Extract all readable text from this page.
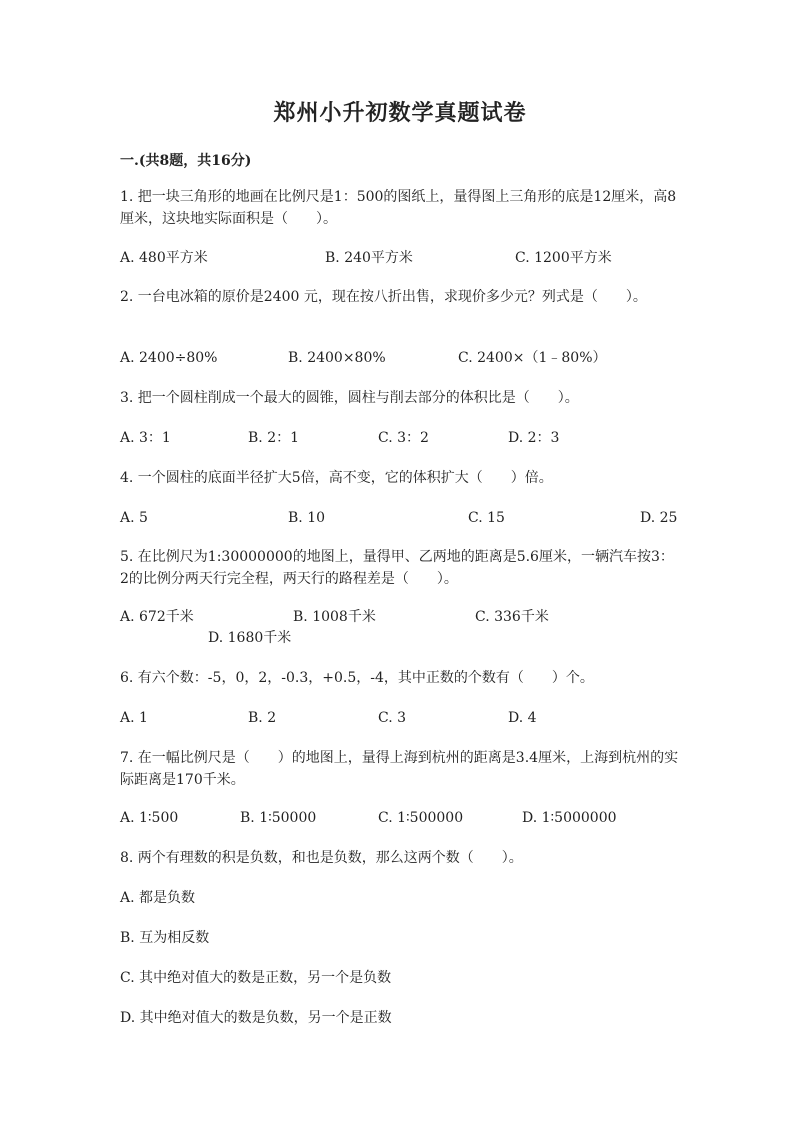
郑州小升初数学真题试卷
一.(共8题，共16分)
1. 把一块三角形的地画在比例尺是1：500的图纸上，量得图上三角形的底是12厘米，高8厘米，这块地实际面积是（　　）。
A. 480平方米	B. 240平方米	C. 1200平方米
2. 一台电冰箱的原价是2400 元，现在按八折出售，求现价多少元？列式是（　　）。
A. 2400÷80%	B. 2400×80%	C. 2400×（1﹣80%）
3. 把一个圆柱削成一个最大的圆锥，圆柱与削去部分的体积比是（　　）。
A. 3：1	B. 2：1	C. 3：2	D. 2：3
4. 一个圆柱的底面半径扩大5倍，高不变，它的体积扩大（　　）倍。
A. 5	B. 10	C. 15	D. 25
5. 在比例尺为1:30000000的地图上，量得甲、乙两地的距离是5.6厘米，一辆汽车按3：2的比例分两天行完全程，两天行的路程差是（　　）。
A. 672千米	B. 1008千米	C. 336千米
D. 1680千米
6. 有六个数：-5，0，2，-0.3，+0.5，-4，其中正数的个数有（　　）个。
A. 1	B. 2	C. 3	D. 4
7. 在一幅比例尺是（　　）的地图上，量得上海到杭州的距离是3.4厘米，上海到杭州的实际距离是170千米。
A. 1∶500	B. 1∶50000	C. 1∶500000	D. 1∶5000000
8. 两个有理数的积是负数，和也是负数，那么这两个数（　　）。
A. 都是负数
B. 互为相反数
C. 其中绝对值大的数是正数，另一个是负数
D. 其中绝对值大的数是负数，另一个是正数
